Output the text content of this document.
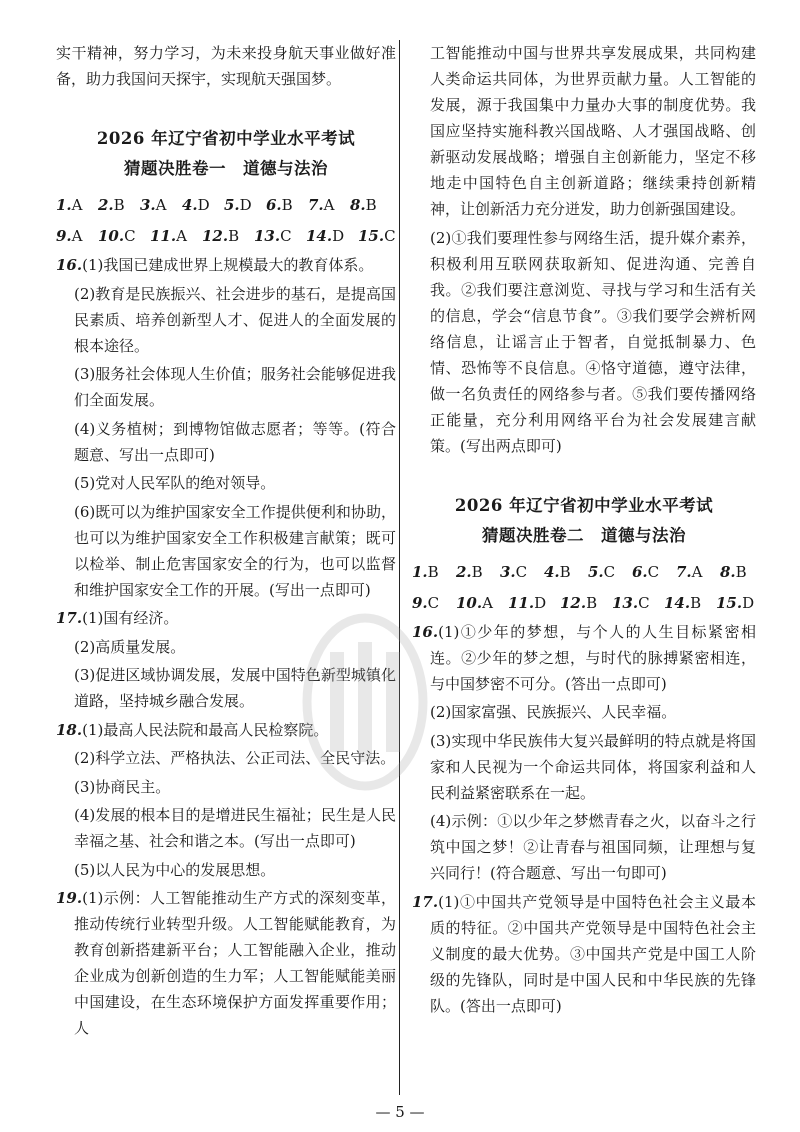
实干精神，努力学习，为未来投身航天事业做好准备，助力我国问天探宇，实现航天强国梦。

2026 年辽宁省初中学业水平考试
猜题决胜卷一　道德与法治
1.A 2.B 3.A 4.D 5.D 6.B 7.A 8.B
9.A 10.C 11.A 12.B 13.C 14.D 15.C

16.(1)我国已建成世界上规模最大的教育体系。

(2)教育是民族振兴、社会进步的基石，是提高国民素质、培养创新型人才、促进人的全面发展的根本途径。

(3)服务社会体现人生价值；服务社会能够促进我们全面发展。

(4)义务植树；到博物馆做志愿者；等等。(符合题意、写出一点即可)

(5)党对人民军队的绝对领导。

(6)既可以为维护国家安全工作提供便利和协助，也可以为维护国家安全工作积极建言献策；既可以检举、制止危害国家安全的行为，也可以监督和维护国家安全工作的开展。(写出一点即可)

17.(1)国有经济。

(2)高质量发展。

(3)促进区域协调发展，发展中国特色新型城镇化道路，坚持城乡融合发展。

18.(1)最高人民法院和最高人民检察院。

(2)科学立法、严格执法、公正司法、全民守法。

(3)协商民主。

(4)发展的根本目的是增进民生福祉；民生是人民幸福之基、社会和谐之本。(写出一点即可)

(5)以人民为中心的发展思想。

19.(1)示例：人工智能推动生产方式的深刻变革，推动传统行业转型升级。人工智能赋能教育，为教育创新搭建新平台；人工智能融入企业，推动企业成为创新创造的生力军；人工智能赋能美丽中国建设，在生态环境保护方面发挥重要作用；人

工智能推动中国与世界共享发展成果，共同构建人类命运共同体，为世界贡献力量。人工智能的发展，源于我国集中力量办大事的制度优势。我国应坚持实施科教兴国战略、人才强国战略、创新驱动发展战略；增强自主创新能力，坚定不移地走中国特色自主创新道路；继续秉持创新精神，让创新活力充分迸发，助力创新强国建设。

(2)①我们要理性参与网络生活，提升媒介素养，积极利用互联网获取新知、促进沟通、完善自我。②我们要注意浏览、寻找与学习和生活有关的信息，学会“信息节食”。③我们要学会辨析网络信息，让谣言止于智者，自觉抵制暴力、色情、恐怖等不良信息。④恪守道德，遵守法律，做一名负责任的网络参与者。⑤我们要传播网络正能量，充分利用网络平台为社会发展建言献策。(写出两点即可)

2026 年辽宁省初中学业水平考试
猜题决胜卷二　道德与法治
1.B 2.B 3.C 4.B 5.C 6.C 7.A 8.B
9.C 10.A 11.D 12.B 13.C 14.B 15.D

16.(1)①少年的梦想，与个人的人生目标紧密相连。②少年的梦之想，与时代的脉搏紧密相连，与中国梦密不可分。(答出一点即可)

(2)国家富强、民族振兴、人民幸福。

(3)实现中华民族伟大复兴最鲜明的特点就是将国家和人民视为一个命运共同体，将国家利益和人民利益紧密联系在一起。

(4)示例：①以少年之梦燃青春之火，以奋斗之行筑中国之梦！②让青春与祖国同频，让理想与复兴同行！(符合题意、写出一句即可)

17.(1)①中国共产党领导是中国特色社会主义最本质的特征。②中国共产党领导是中国特色社会主义制度的最大优势。③中国共产党是中国工人阶级的先锋队，同时是中国人民和中华民族的先锋队。(答出一点即可)

— 5 —
